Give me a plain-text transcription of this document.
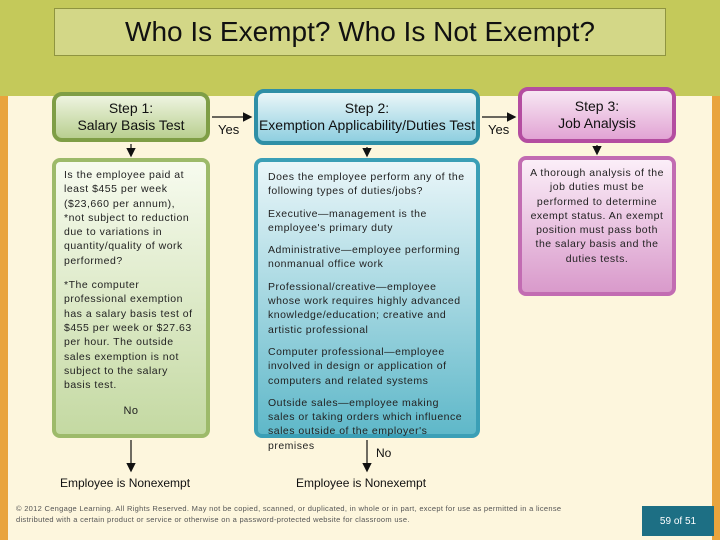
Who Is Exempt? Who Is Not Exempt?
Step 1:
Salary Basis Test
Step 2:
Exemption Applicability/Duties Test
Step 3:
Job Analysis
Yes	Yes
Is the employee paid at least $455 per week ($23,660 per annum), *not subject to reduction due to variations in quantity/quality of work performed?
*The computer professional exemption has a salary basis test of $455 per week or $27.63 per hour. The outside sales exemption is not subject to the salary basis test.
No
Does the employee perform any of the following types of duties/jobs?
Executive—management is the employee's primary duty
Administrative—employee performing nonmanual office work
Professional/creative—employee whose work requires highly advanced knowledge/education; creative and artistic professional
Computer professional—employee involved in design or application of computers and related systems
Outside sales—employee making sales or taking orders which influence sales outside of the employer's premises
A thorough analysis of the job duties must be performed to determine exempt status. An exempt position must pass both the salary basis and the duties tests.
No
Employee is Nonexempt	Employee is Nonexempt
© 2012 Cengage Learning. All Rights Reserved. May not be copied, scanned, or duplicated, in whole or in part, except for use as permitted in a license distributed with a certain product or service or otherwise on a password-protected website for classroom use.	59 of 51
